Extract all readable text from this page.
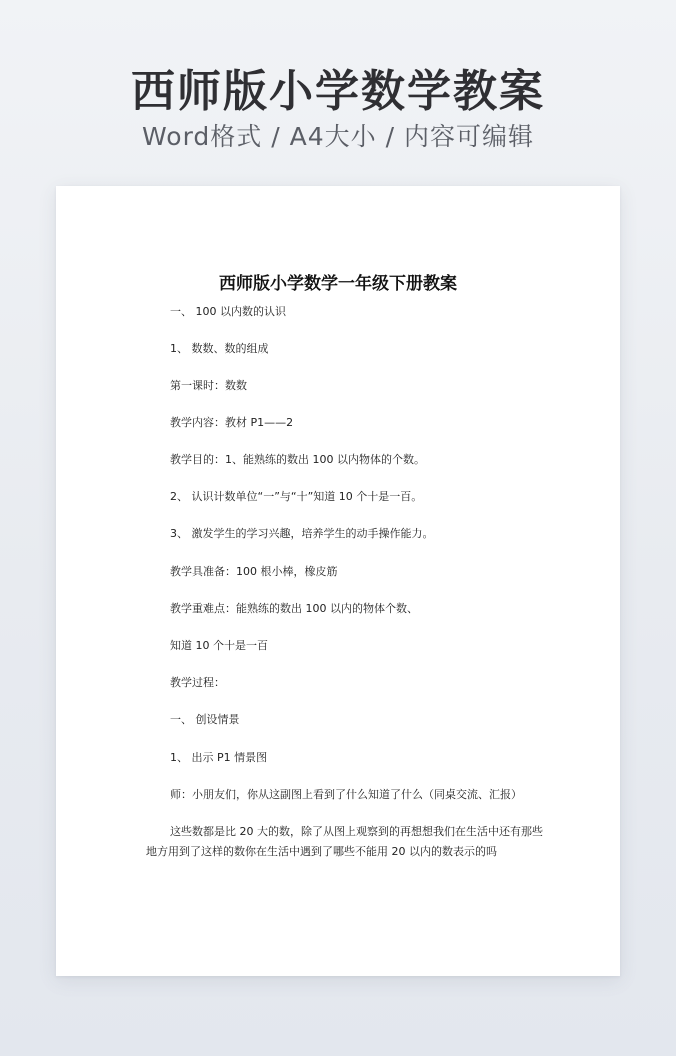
西师版小学数学教案
Word格式 / A4大小 / 内容可编辑
西师版小学数学一年级下册教案
一、 100 以内数的认识
1、 数数、数的组成
第一课时：数数
教学内容：教材 P1——2
教学目的：1、能熟练的数出 100 以内物体的个数。
2、 认识计数单位“一”与“十”知道 10 个十是一百。
3、 激发学生的学习兴趣，培养学生的动手操作能力。
教学具准备：100 根小棒，橡皮筋
教学重难点：能熟练的数出 100 以内的物体个数、
知道 10 个十是一百
教学过程：
一、 创设情景
1、 出示 P1 情景图
师：小朋友们，你从这副图上看到了什么知道了什么（同桌交流、汇报）
这些数都是比 20 大的数，除了从图上观察到的再想想我们在生活中还有那些
地方用到了这样的数你在生活中遇到了哪些不能用 20 以内的数表示的吗
